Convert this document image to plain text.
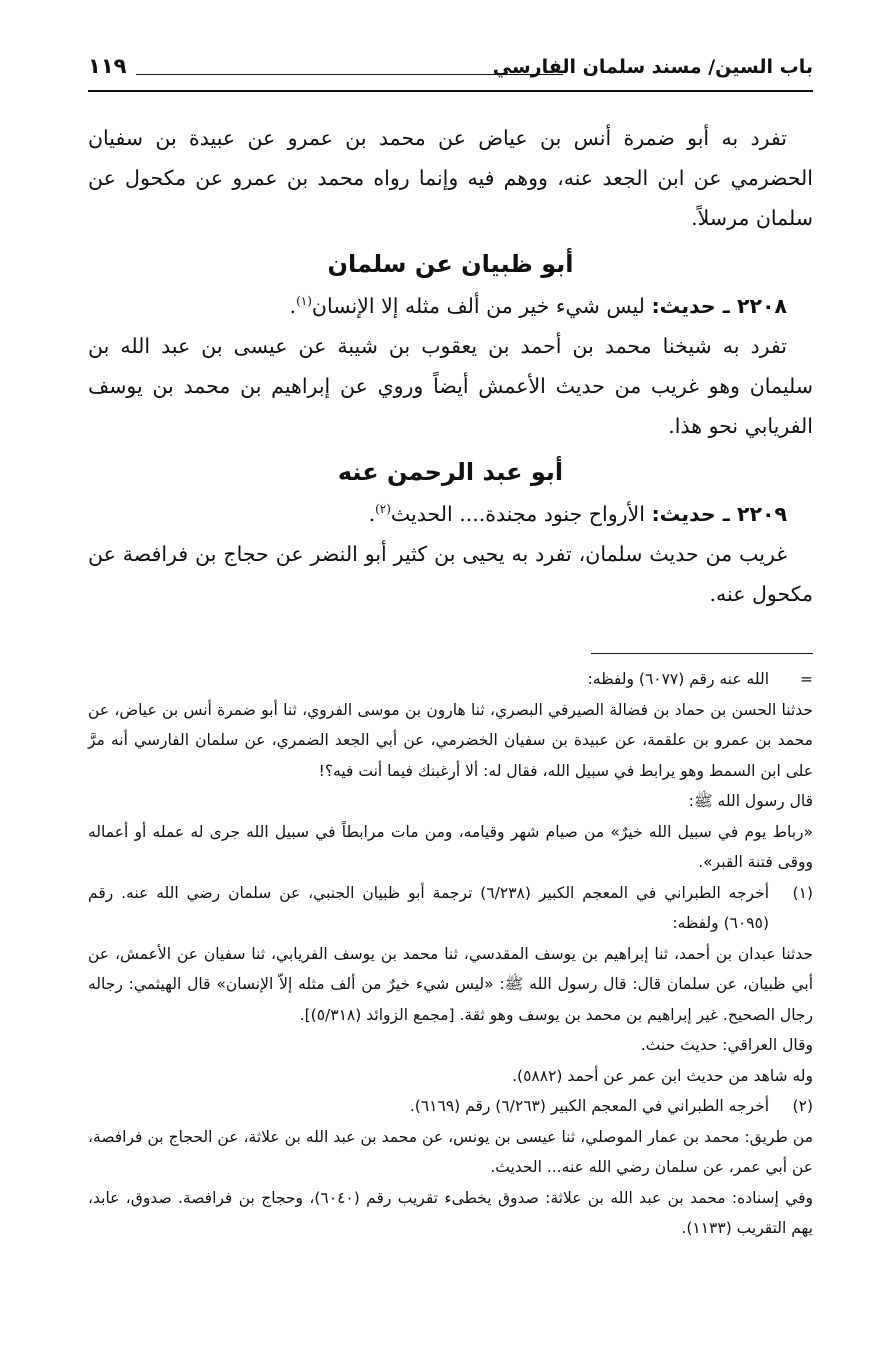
باب السين/ مسند سلمان الفارسي
١١٩

تفرد به أبو ضمرة أنس بن عياض عن محمد بن عمرو عن عبيدة بن سفيان الحضرمي عن ابن الجعد عنه، ووهم فيه وإنما رواه محمد بن عمرو عن مكحول عن سلمان مرسلاً.

أبو ظبيان عن سلمان

٢٢٠٨ ـ حديث: ليس شيء خير من ألف مثله إلا الإنسان$^{(١)}$.

تفرد به شيخنا محمد بن أحمد بن يعقوب بن شيبة عن عيسى بن عبد الله بن سليمان وهو غريب من حديث الأعمش أيضاً وروي عن إبراهيم بن محمد بن يوسف الفريابي نحو هذا.

أبو عبد الرحمن عنه

٢٢٠٩ ـ حديث: الأرواح جنود مجندة.... الحديث$^{(٢)}$.

غريب من حديث سلمان، تفرد به يحيى بن كثير أبو النضر عن حجاج بن فرافصة عن مكحول عنه.

=
الله عنه رقم (٦٠٧٧) ولفظه:

حدثنا الحسن بن حماد بن فضالة الصيرفي البصري، ثنا هارون بن موسى الفروي، ثنا أبو ضمرة أنس بن عياض، عن محمد بن عمرو بن علقمة، عن عبيدة بن سفيان الخضرمي، عن أبي الجعد الضمري، عن سلمان الفارسي أنه مرَّ على ابن السمط وهو يرابط في سبيل الله، فقال له: ألا أرغبنك فيما أنت فيه؟!

قال رسول الله ﷺ:

«رباط يوم في سبيل الله خيرٌ» من صيام شهر وقيامه، ومن مات مرابطاً في سبيل الله جرى له عمله أو أعماله ووقى فتنة القبر».

(١)
أخرجه الطبراني في المعجم الكبير (٦/٢٣٨) ترجمة أبو ظبيان الجنبي، عن سلمان رضي الله عنه. رقم (٦٠٩٥) ولفظه:

حدثنا عبدان بن أحمد، ثنا إبراهيم بن يوسف المقدسي، ثنا محمد بن يوسف الفريابي، ثنا سفيان عن الأعمش، عن أبي ظبيان، عن سلمان قال: قال رسول الله ﷺ: «ليس شيء خيرٌ من ألف مثله إلاّ الإنسان» قال الهيثمي: رجاله رجال الصحيح. غير إبراهيم بن محمد بن يوسف وهو ثقة. [مجمع الزوائد (٥/٣١٨)].

وقال العراقي: حديث حنث.

وله شاهد من حديث ابن عمر عن أحمد (٥٨٨٢).

(٢)
أخرجه الطبراني في المعجم الكبير (٦/٢٦٣) رقم (٦١٦٩).

من طريق: محمد بن عمار الموصلي، ثنا عيسى بن يونس، عن محمد بن عبد الله بن علاثة، عن الحجاج بن فرافصة، عن أبي عمر، عن سلمان رضي الله عنه... الحديث.

وفي إسناده: محمد بن عبد الله بن علاثة: صدوق يخطىء تقريب رقم (٦٠٤٠)، وحجاج بن فرافصة. صدوق، عابد، يهم التقريب (١١٣٣).
